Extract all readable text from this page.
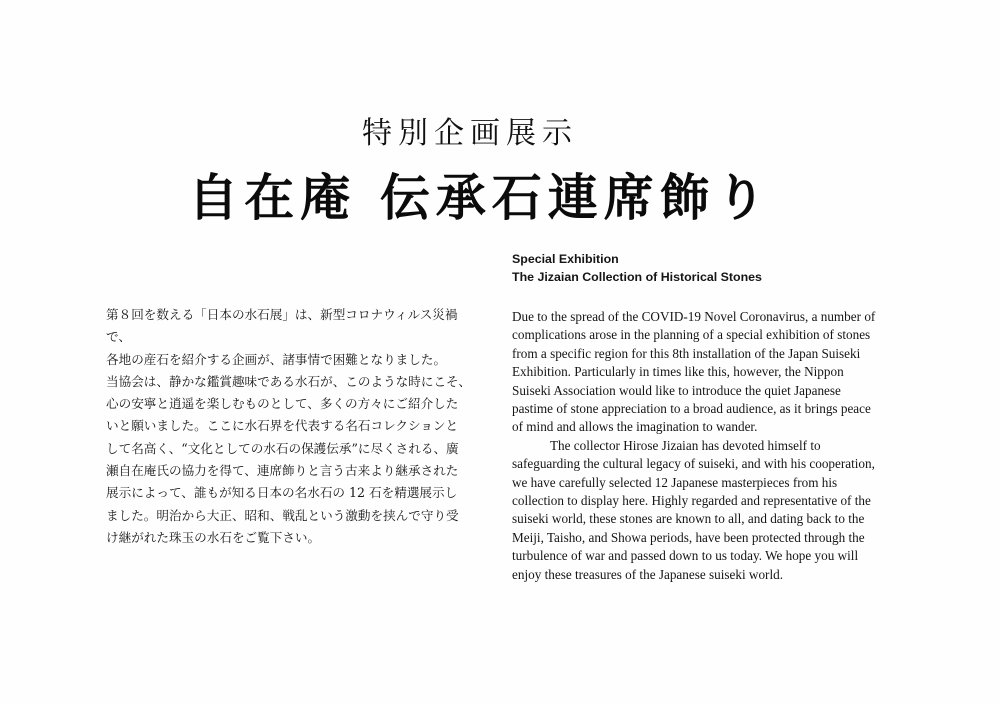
特別企画展示
自在庵 伝承石連席飾り

第８回を数える「日本の水石展」は、新型コロナウィルス災禍で、

各地の産石を紹介する企画が、諸事情で困難となりました。

当協会は、静かな鑑賞趣味である水石が、このような時にこそ、

心の安寧と逍遥を楽しむものとして、多くの方々にご紹介した

いと願いました。ここに水石界を代表する名石コレクションと

して名高く、“文化としての水石の保護伝承”に尽くされる、廣

瀬自在庵氏の協力を得て、連席飾りと言う古来より継承された

展示によって、誰もが知る日本の名水石の 12 石を精選展示し

ました。明治から大正、昭和、戦乱という激動を挟んで守り受

け継がれた珠玉の水石をご覧下さい。

Special Exhibition
The Jizaian Collection of Historical Stones

Due to the spread of the COVID-19 Novel Coronavirus, a number of

complications arose in the planning of a special exhibition of stones

from a specific region for this 8th installation of the Japan Suiseki

Exhibition. Particularly in times like this, however, the Nippon

Suiseki Association would like to introduce the quiet Japanese

pastime of stone appreciation to a broad audience, as it brings peace

of mind and allows the imagination to wander.

The collector Hirose Jizaian has devoted himself to

safeguarding the cultural legacy of suiseki, and with his cooperation,

we have carefully selected 12 Japanese masterpieces from his

collection to display here. Highly regarded and representative of the

suiseki world, these stones are known to all, and dating back to the

Meiji, Taisho, and Showa periods, have been protected through the

turbulence of war and passed down to us today. We hope you will

enjoy these treasures of the Japanese suiseki world.
